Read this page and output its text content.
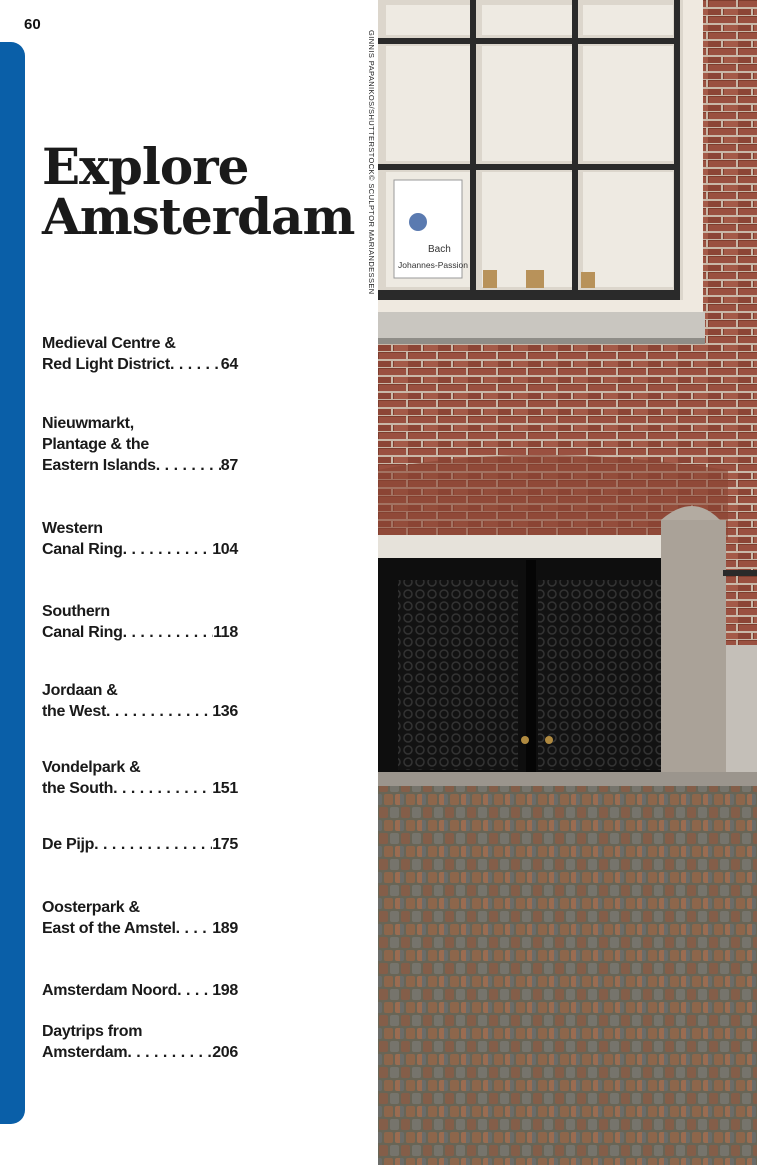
60
Explore
Amsterdam
Medieval Centre &
Red Light District . . .	64
Nieuwmarkt,
Plantage & the
Eastern Islands . . .	87
Western
Canal Ring . . .	104
Southern
Canal Ring . . .	118
Jordaan &
the West . . .	136
Vondelpark &
the South . . .	151
De Pijp . . .	175
Oosterpark &
East of the Amstel . . . 189
Amsterdam Noord . . . 198
Daytrips from
Amsterdam . . .	206
GINNIS PAPANIKOS/SHUTTERSTOCK© SCULPTOR MARIANDESSEN	Bach
Johannes-Passion
